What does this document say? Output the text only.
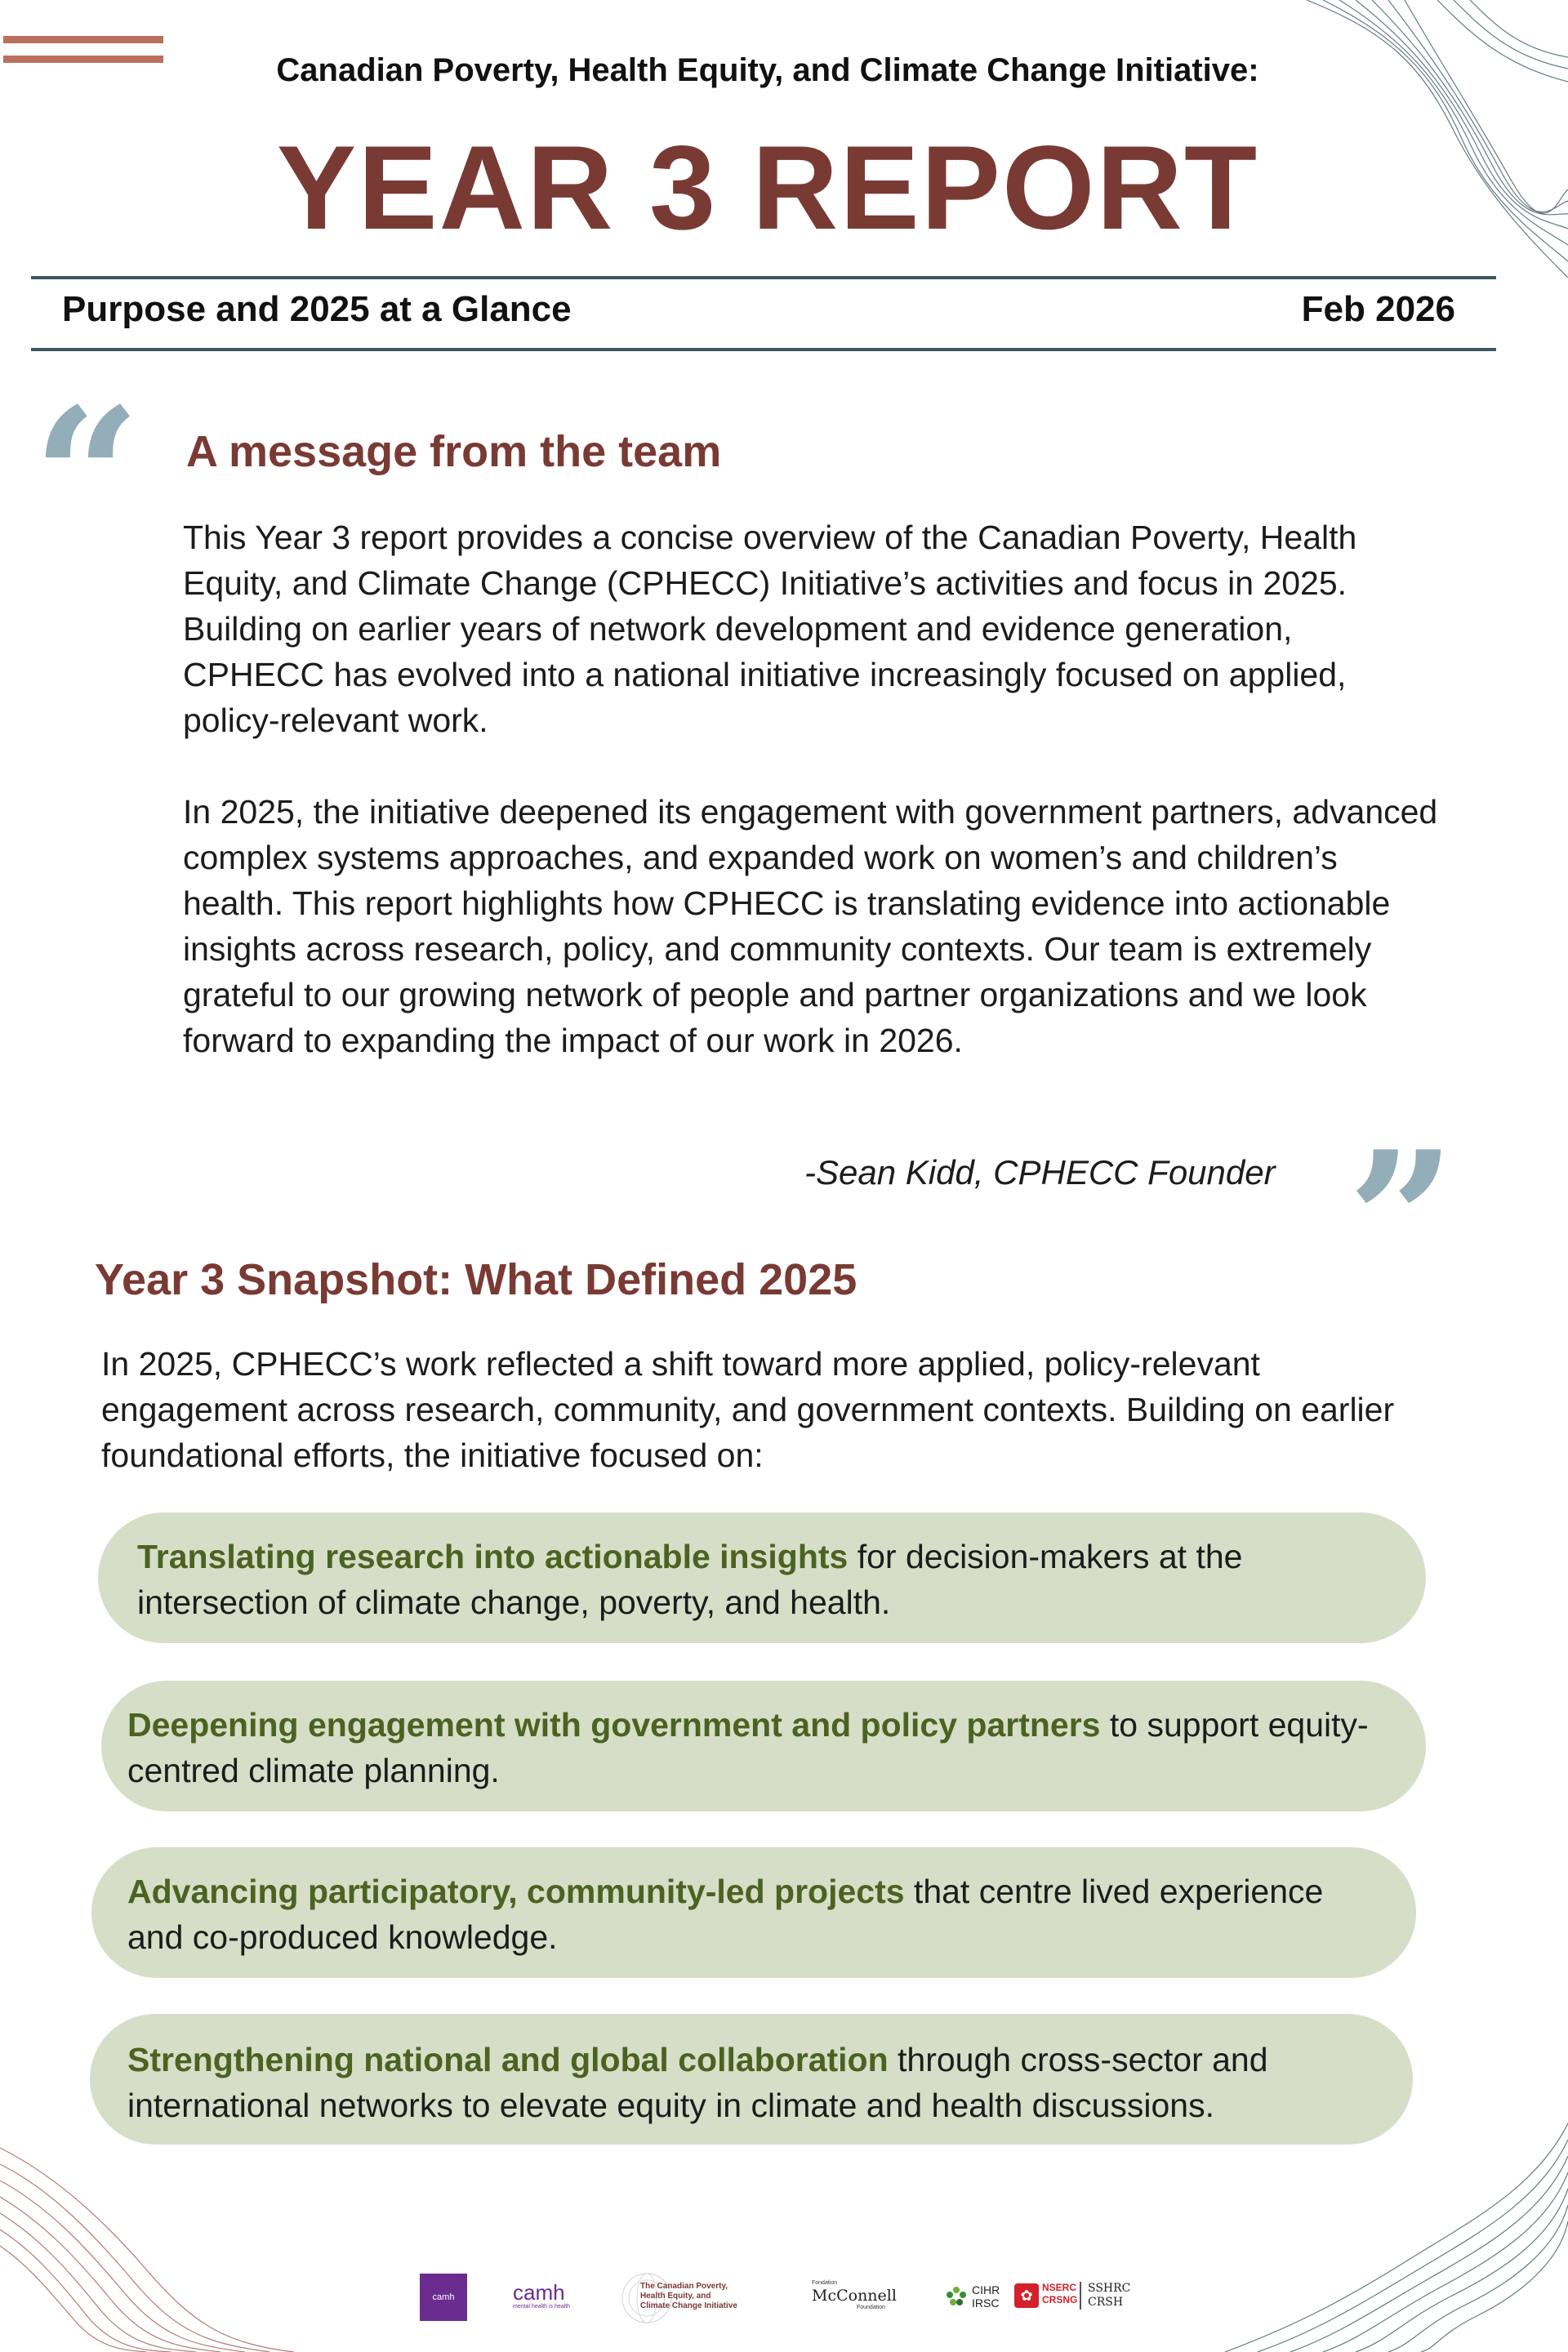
Canadian Poverty, Health Equity, and Climate Change Initiative:
YEAR 3 REPORT
Purpose and 2025 at a Glance	Feb 2026
“ A message from the team

This Year 3 report provides a concise overview of the Canadian Poverty, Health Equity, and Climate Change (CPHECC) Initiative’s activities and focus in 2025. Building on earlier years of network development and evidence generation, CPHECC has evolved into a national initiative increasingly focused on applied, policy-relevant work.

In 2025, the initiative deepened its engagement with government partners, advanced complex systems approaches, and expanded work on women’s and children’s health. This report highlights how CPHECC is translating evidence into actionable insights across research, policy, and community contexts. Our team is extremely grateful to our growing network of people and partner organizations and we look forward to expanding the impact of our work in 2026.

-Sean Kidd, CPHECC Founder ”
Year 3 Snapshot: What Defined 2025
In 2025, CPHECC’s work reflected a shift toward more applied, policy-relevant engagement across research, community, and government contexts. Building on earlier foundational efforts, the initiative focused on:
Translating research into actionable insights for decision-makers at the intersection of climate change, poverty, and health.
Deepening engagement with government and policy partners to support equity-centred climate planning.
Advancing participatory, community-led projects that centre lived experience and co-produced knowledge.
Strengthening national and global collaboration through cross-sector and international networks to elevate equity in climate and health discussions.
camh	camh
mental health is health
The Canadian Poverty,
Health Equity, and
Climate Change Initiative
Fondation
McConnell
Foundation
CIHR
IRSC	✿ NSERC
CRSNG
SSHRC
CRSH
